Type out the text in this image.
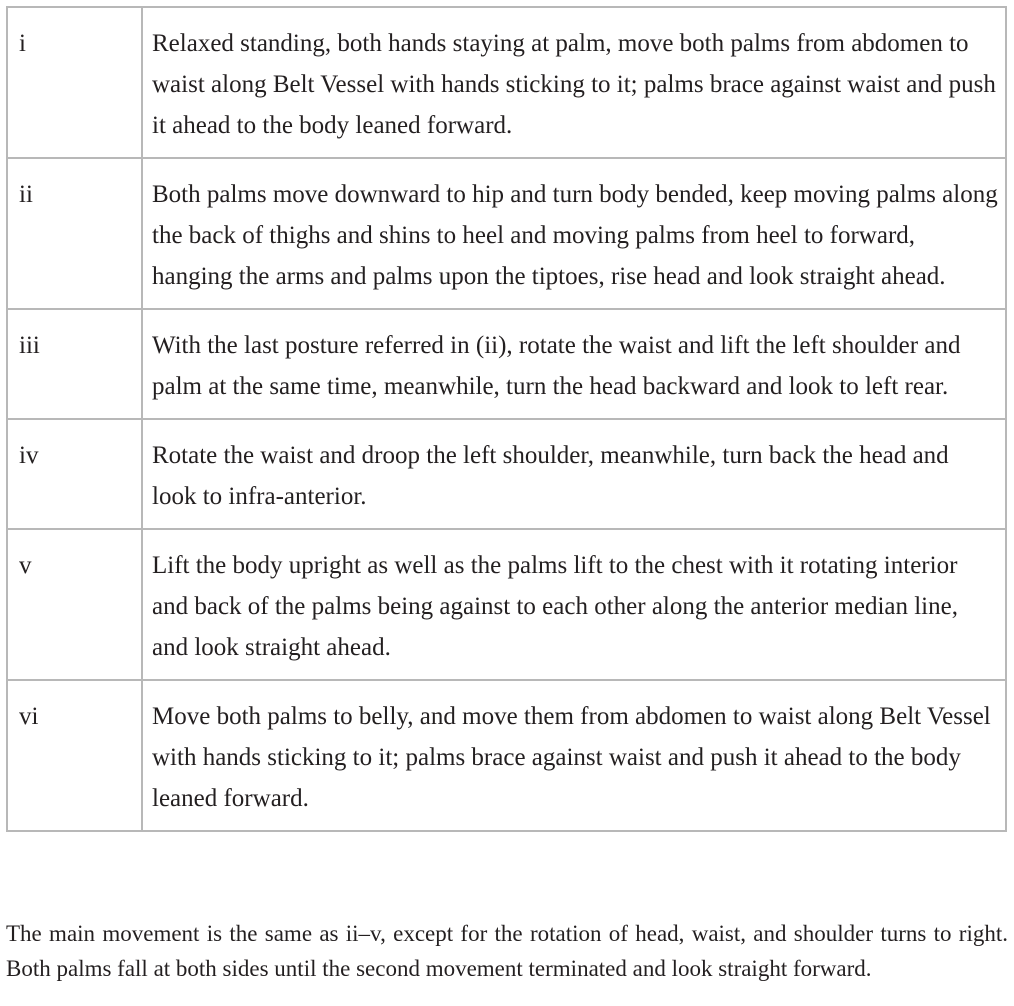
i	Relaxed standing, both hands staying at palm, move both palms from abdomen to waist along Belt Vessel with hands sticking to it; palms brace against waist and push it ahead to the body leaned forward.
ii	Both palms move downward to hip and turn body bended, keep moving palms along the back of thighs and shins to heel and moving palms from heel to forward, hanging the arms and palms upon the tiptoes, rise head and look straight ahead.
iii	With the last posture referred in (ii), rotate the waist and lift the left shoulder and palm at the same time, meanwhile, turn the head backward and look to left rear.
iv	Rotate the waist and droop the left shoulder, meanwhile, turn back the head and look to infra-anterior.
v	Lift the body upright as well as the palms lift to the chest with it rotating interior and back of the palms being against to each other along the anterior median line, and look straight ahead.
vi	Move both palms to belly, and move them from abdomen to waist along Belt Vessel with hands sticking to it; palms brace against waist and push it ahead to the body leaned forward.

The main movement is the same as ii–v, except for the rotation of head, waist, and shoulder turns to right. Both palms fall at both sides until the second movement terminated and look straight forward.
